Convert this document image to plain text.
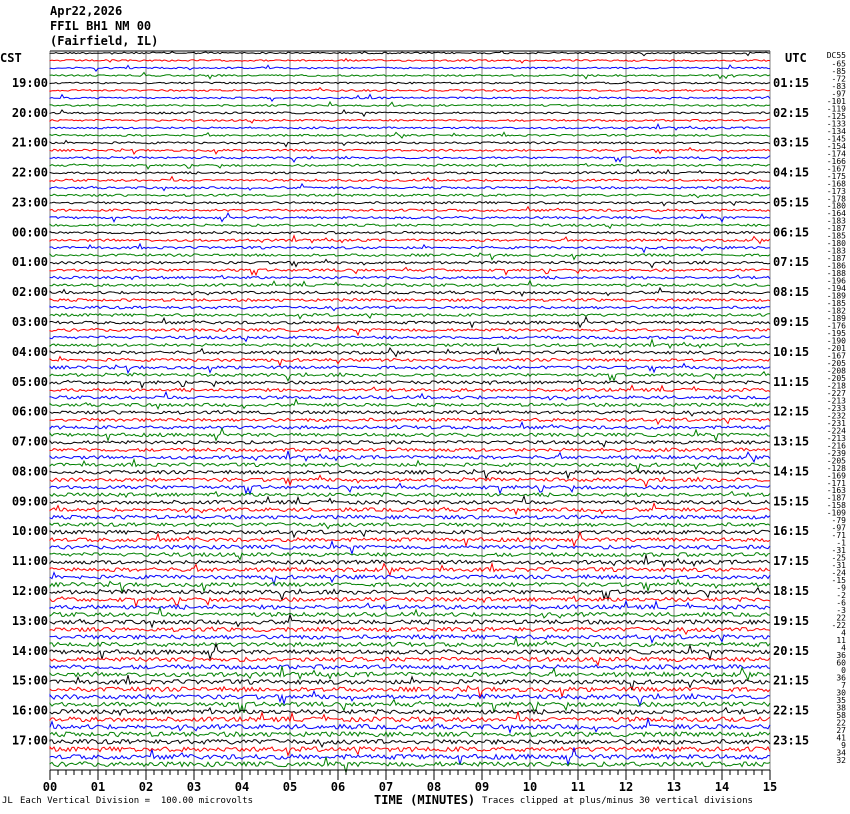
Apr22,2026
FFIL BH1 NM 00
(Fairfield, IL)
CST	UTC
JL Each Vertical Division =  100.00 microvolts	TIME (MINUTES) Traces clipped at plus/minus 30 vertical divisions
19:00
20:00
21:00
22:00
23:00
00:00
01:00
02:00
03:00
04:00
05:00
06:00
07:00
08:00
09:00
10:00
11:00
12:00
13:00
14:00
15:00
16:00
17:00
01:15
02:15
03:15
04:15
05:15
06:15
07:15
08:15
09:15
10:15
11:15
12:15
13:15
14:15
15:15
16:15
17:15
18:15
19:15
20:15
21:15
22:15
23:15
DC55
-65
-85
-72
-83
-97
-101
-119
-125
-133
-134
-145
-154
-174
-166
-167
-175
-168
-173
-178
-180
-164
-183
-187
-185
-180
-183
-187
-186
-188
-196
-194
-189
-185
-182
-189
-176
-195
-190
-201
-167
-205
-208
-205
-218
-227
-213
-233
-232
-231
-224
-213
-216
-239
-205
-128
-169
-171
-163
-187
-158
-109
-79
-97
-71
-1
-31
-25
-31
-24
-15
-9
-2
-6
-3
22
-22
4
11
4
36
60
0
36
7
30
35
38
58
22
27
41
9
34
32
00	01	02	03	04	05	06	07	08	09	10	11	12	13	14	15
